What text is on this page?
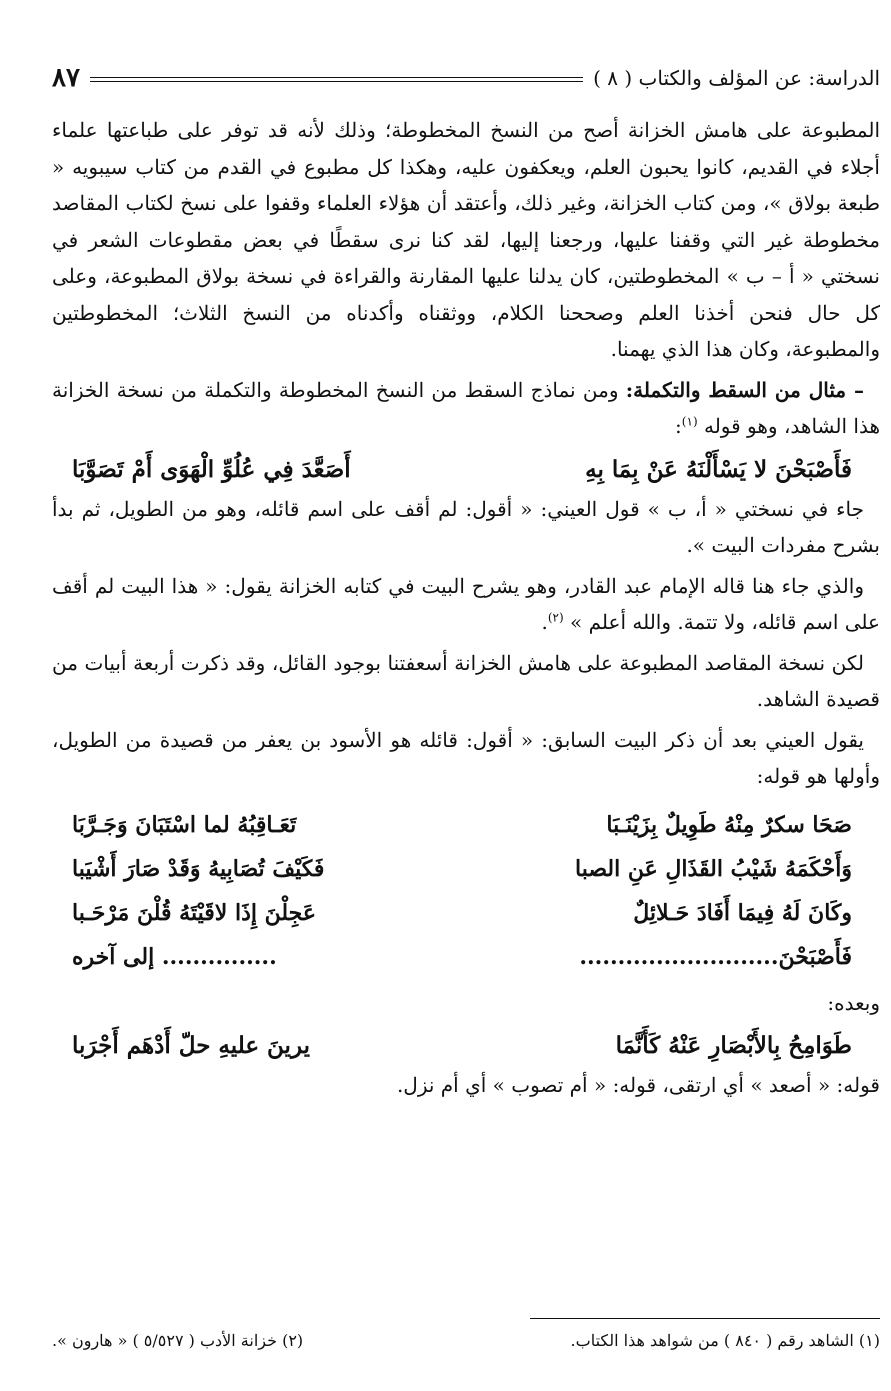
الدراسة: عن المؤلف والكتاب ( ٨ )
٨٧

المطبوعة على هامش الخزانة أصح من النسخ المخطوطة؛ وذلك لأنه قد توفر على طباعتها علماء أجلاء في القديم، كانوا يحبون العلم، ويعكفون عليه، وهكذا كل مطبوع في القدم من كتاب سيبويه « طبعة بولاق »، ومن كتاب الخزانة، وغير ذلك، وأعتقد أن هؤلاء العلماء وقفوا على نسخ لكتاب المقاصد مخطوطة غير التي وقفنا عليها، ورجعنا إليها، لقد كنا نرى سقطًا في بعض مقطوعات الشعر في نسختي « أ – ب » المخطوطتين، كان يدلنا عليها المقارنة والقراءة في نسخة بولاق المطبوعة، وعلى كل حال فنحن أخذنا العلم وصححنا الكلام، ووثقناه وأكدناه من النسخ الثلاث؛ المخطوطتين والمطبوعة، وكان هذا الذي يهمنا.

– مثال من السقط والتكملة: ومن نماذج السقط من النسخ المخطوطة والتكملة من نسخة الخزانة هذا الشاهد، وهو قوله $^{(١)}$:

فَأَصْبَحْنَ لا يَسْأَلْنَهُ عَنْ بِمَا بِهِ
أَصَعَّدَ فِي عُلُوِّ الْهَوَى أَمْ تَصَوَّبَا

جاء في نسختي « أ، ب » قول العيني: « أقول: لم أقف على اسم قائله، وهو من الطويل، ثم بدأ بشرح مفردات البيت ».

والذي جاء هنا قاله الإمام عبد القادر، وهو يشرح البيت في كتابه الخزانة يقول: « هذا البيت لم أقف على اسم قائله، ولا تتمة. والله أعلم » $^{(٢)}$.

لكن نسخة المقاصد المطبوعة على هامش الخزانة أسعفتنا بوجود القائل، وقد ذكرت أربعة أبيات من قصيدة الشاهد.

يقول العيني بعد أن ذكر البيت السابق: « أقول: قائله هو الأسود بن يعفر من قصيدة من الطويل، وأولها هو قوله:

صَحَا سكرٌ مِنْهُ طَوِيلٌ بِزَيْنَـبَا
تَعَـاقِبُهُ لما اسْتَبَانَ وَجَـرَّبَا
وَأَحْكَمَهُ شَيْبُ القَذَالِ عَنِ الصبا
فَكَيْفَ تُصَابِيهُ وَقَدْ صَارَ أَشْيَبا
وكَانَ لَهُ فِيمَا أَفَادَ حَـلائِلٌ
عَجِلْنَ إِذَا لاقَيْتَهُ قُلْنَ مَرْحَـبا
فَأَصْبَحْنَ..........................
............... إلى آخره

وبعده:

طَوَامِحُ بِالأَبْصَارِ عَنْهُ كَأَنَّمَا
يرينَ عليهِ حلّ أَدْهَم أَجْرَبا

قوله: « أصعد » أي ارتقى، قوله: « أم تصوب » أي أم نزل.

(١) الشاهد رقم ( ٨٤٠ ) من شواهد هذا الكتاب.
(٢) خزانة الأدب ( ٥/٥٢٧ ) « هارون ».
